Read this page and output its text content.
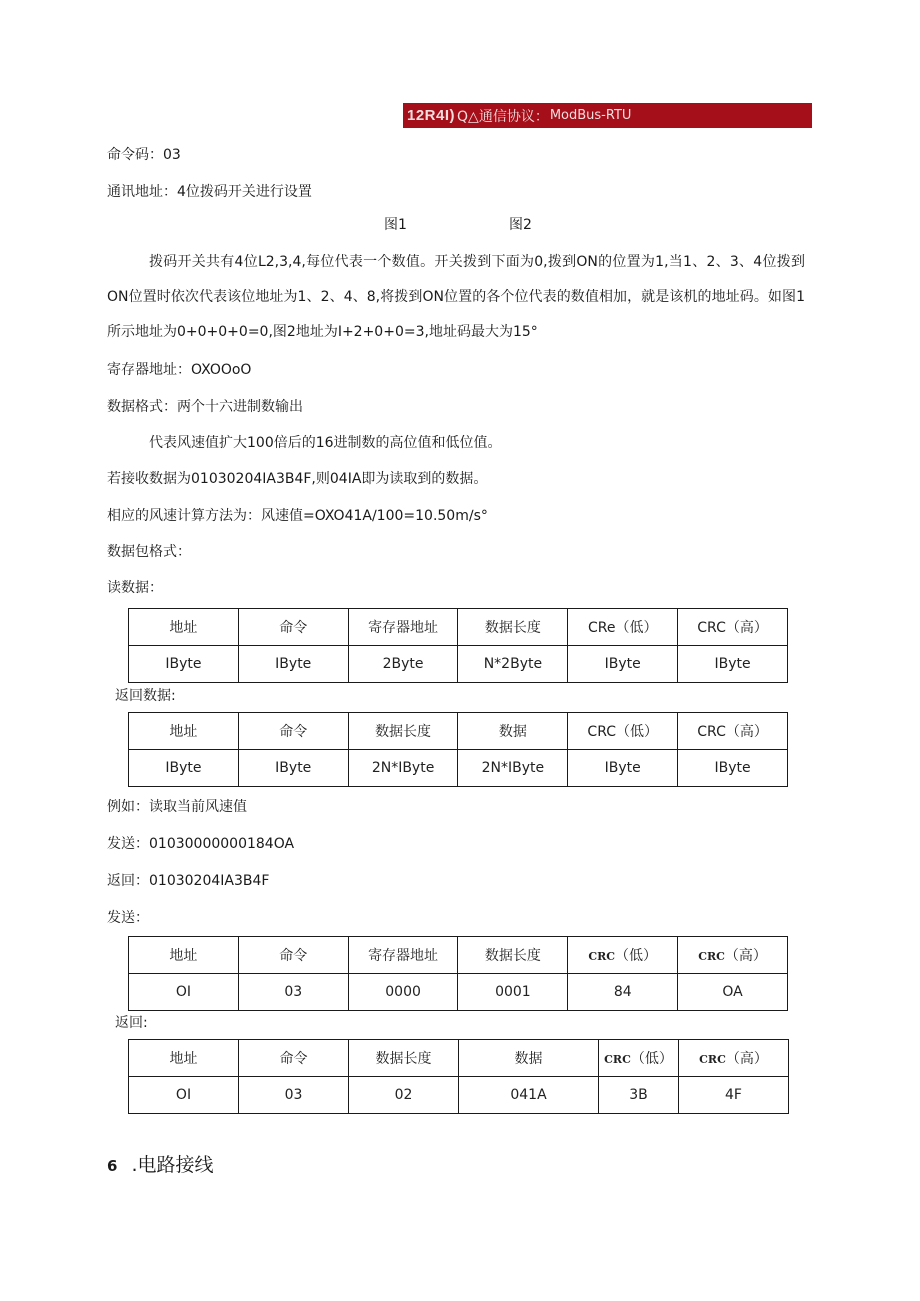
12R4I) Q△通信协议： ModBus-RTU
命令码：03
通讯地址：4位拨码开关进行设置
图1	图2

拨码开关共有4位L2,3,4,每位代表一个数值。开关拨到下面为0,拨到ON的位置为1,当1、2、3、4位拨到ON位置时依次代表该位地址为1、2、4、8,将拨到ON位置的各个位代表的数值相加，就是该机的地址码。如图1所示地址为0+0+0+0=0,图2地址为I+2+0+0=3,地址码最大为15°

寄存器地址：OXOOoO
数据格式：两个十六进制数输出
代表风速值扩大100倍后的16进制数的高位值和低位值。
若接收数据为01030204IA3B4F,则04IA即为读取到的数据。
相应的风速计算方法为：风速值=OXO41A∕100=10.50m∕s°
数据包格式：
读数据：
地址	命令	寄存器地址	数据长度	CRe（低）	CRC（高）
IByte	IByte	2Byte	N*2Byte	IByte	IByte
返回数据:
地址	命令	数据长度	数据	CRC（低）	CRC（高）
IByte	IByte	2N*IByte	2N*IByte	IByte	IByte
例如：读取当前风速值
发送：01030000000184OA
返回：01030204IA3B4F
发送：
地址	命令	寄存器地址	数据长度	CRC（低）	CRC（高）
OI	03	0000	0001	84	OA
返回:
地址	命令	数据长度	数据	CRC（低）	CRC（高）
OI	03	02	041A	3B	4F
6 .电路接线
